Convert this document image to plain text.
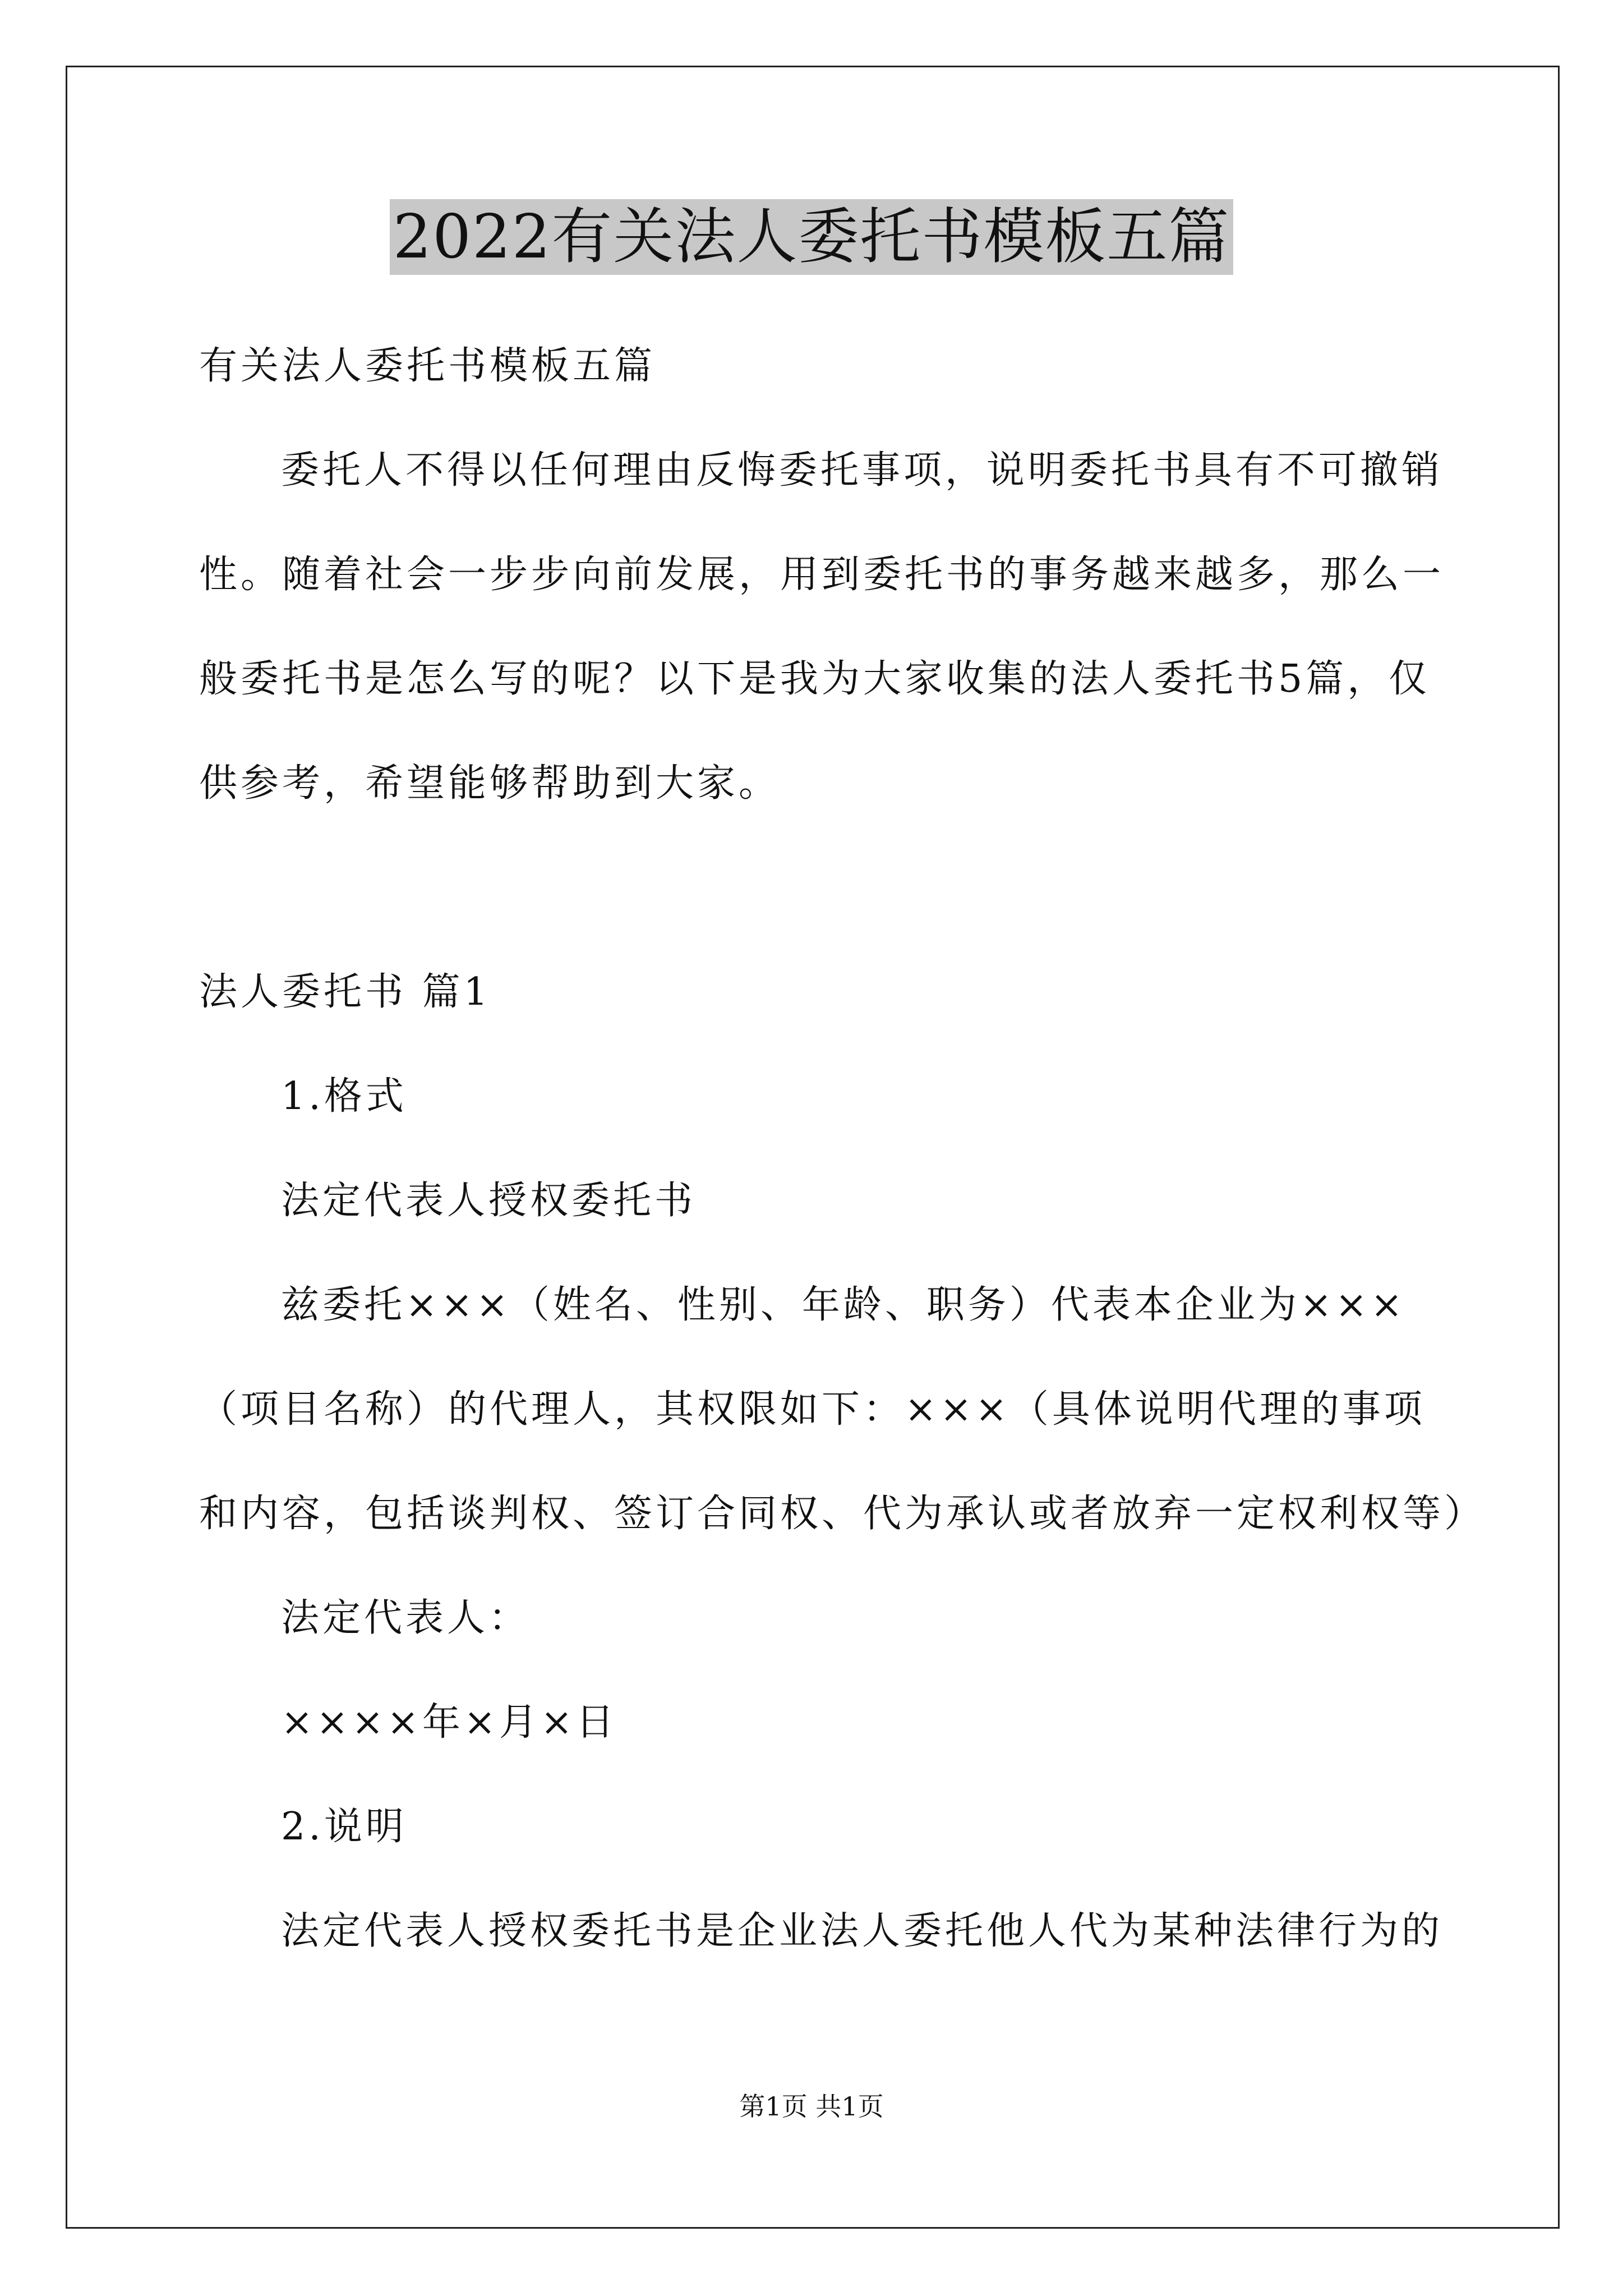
2022有关法人委托书模板五篇
有关法人委托书模板五篇
委托人不得以任何理由反悔委托事项，说明委托书具有不可撤销
性。随着社会一步步向前发展，用到委托书的事务越来越多，那么一
般委托书是怎么写的呢？以下是我为大家收集的法人委托书5篇，仅
供参考，希望能够帮助到大家。
法人委托书 篇1
1.格式
法定代表人授权委托书
兹委托×××（姓名、性别、年龄、职务）代表本企业为×××
（项目名称）的代理人，其权限如下：×××（具体说明代理的事项
和内容，包括谈判权、签订合同权、代为承认或者放弃一定权利权等）
法定代表人：
××××年×月×日
2.说明
法定代表人授权委托书是企业法人委托他人代为某种法律行为的
第1页 共1页
